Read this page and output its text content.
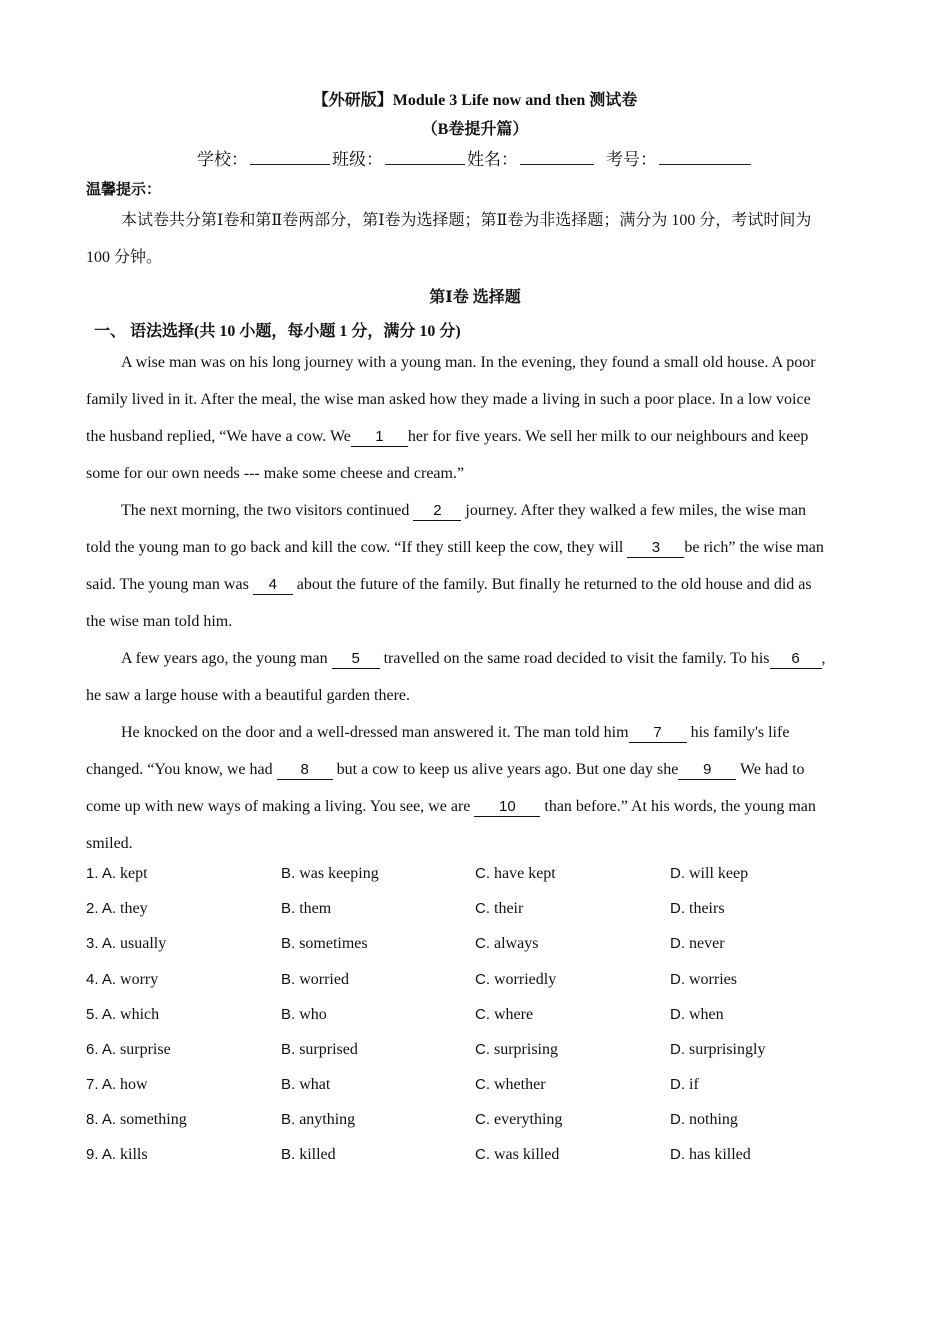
【外研版】Module 3 Life now and then 测试卷
（B卷提升篇）
学校：	班级：	姓名：	考号：
温馨提示：
本试卷共分第Ⅰ卷和第Ⅱ卷两部分，第Ⅰ卷为选择题；第Ⅱ卷为非选择题；满分为 100 分，考试时间为
100 分钟。
第Ⅰ卷 选择题
一、 语法选择(共 10 小题，每小题 1 分，满分 10 分)
A wise man was on his long journey with a young man. In the evening, they found a small old house. A poor
family lived in it. After the meal, the wise man asked how they made a living in such a poor place. In a low voice
the husband replied, “We have a cow. We 1 her for five years. We sell her milk to our neighbours and keep
some for our own needs --- make some cheese and cream.”
The next morning, the two visitors continued 2 journey. After they walked a few miles, the wise man
told the young man to go back and kill the cow. “If they still keep the cow, they will 3 be rich” the wise man
said. The young man was 4 about the future of the family. But finally he returned to the old house and did as
the wise man told him.
A few years ago, the young man 5 travelled on the same road decided to visit the family. To his 6 ,
he saw a large house with a beautiful garden there.
He knocked on the door and a well-dressed man answered it. The man told him 7 his family's life
changed. “You know, we had 8 but a cow to keep us alive years ago. But one day she 9 We had to
come up with new ways of making a living. You see, we are 10 than before.” At his words, the young man
smiled.
1. A. kept	B. was keeping	C. have kept	D. will keep
2. A. they	B. them	C. their	D. theirs
3. A. usually	B. sometimes	C. always	D. never
4. A. worry	B. worried	C. worriedly	D. worries
5. A. which	B. who	C. where	D. when
6. A. surprise	B. surprised	C. surprising	D. surprisingly
7. A. how	B. what	C. whether	D. if
8. A. something	B. anything	C. everything	D. nothing
9. A. kills	B. killed	C. was killed	D. has killed
